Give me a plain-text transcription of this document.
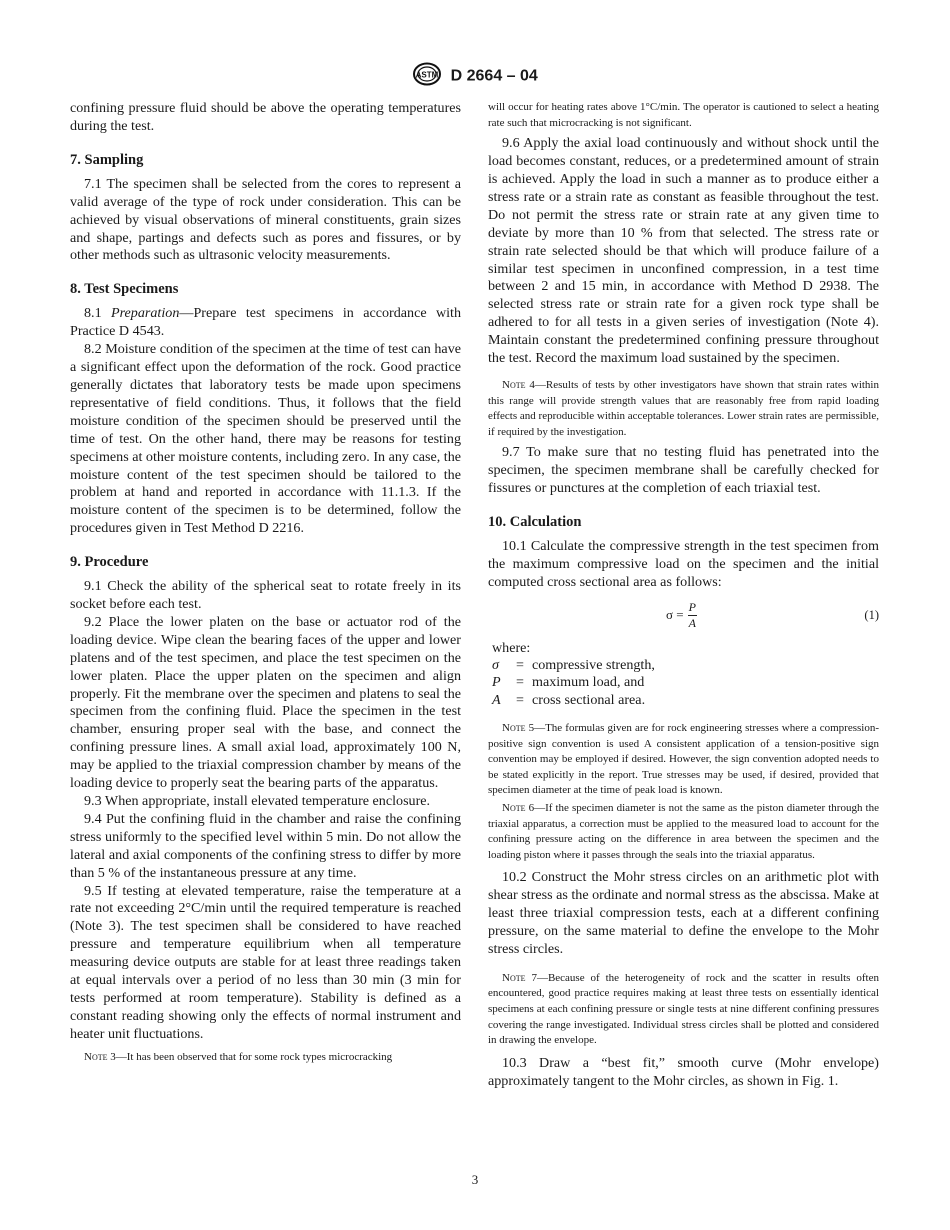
ASTM D 2664 – 04

confining pressure fluid should be above the operating temperatures during the test.

7. Sampling

7.1 The specimen shall be selected from the cores to represent a valid average of the type of rock under consideration. This can be achieved by visual observations of mineral constituents, grain sizes and shape, partings and defects such as pores and fissures, or by other methods such as ultrasonic velocity measurements.

8. Test Specimens

8.1 Preparation—Prepare test specimens in accordance with Practice D 4543.

8.2 Moisture condition of the specimen at the time of test can have a significant effect upon the deformation of the rock. Good practice generally dictates that laboratory tests be made upon specimens representative of field conditions. Thus, it follows that the field moisture condition of the specimen should be preserved until the time of test. On the other hand, there may be reasons for testing specimens at other moisture contents, including zero. In any case, the moisture content of the test specimen should be tailored to the problem at hand and reported in accordance with 11.1.3. If the moisture content of the specimen is to be determined, follow the procedures given in Test Method D 2216.

9. Procedure

9.1 Check the ability of the spherical seat to rotate freely in its socket before each test.

9.2 Place the lower platen on the base or actuator rod of the loading device. Wipe clean the bearing faces of the upper and lower platens and of the test specimen, and place the test specimen on the lower platen. Place the upper platen on the specimen and align properly. Fit the membrane over the specimen and platens to seal the specimen from the confining fluid. Place the specimen in the test chamber, ensuring proper seal with the base, and connect the confining pressure lines. A small axial load, approximately 100 N, may be applied to the triaxial compression chamber by means of the loading device to properly seat the bearing parts of the apparatus.

9.3 When appropriate, install elevated temperature enclosure.

9.4 Put the confining fluid in the chamber and raise the confining stress uniformly to the specified level within 5 min. Do not allow the lateral and axial components of the confining stress to differ by more than 5 % of the instantaneous pressure at any time.

9.5 If testing at elevated temperature, raise the temperature at a rate not exceeding 2°C/min until the required temperature is reached (Note 3). The test specimen shall be considered to have reached pressure and temperature equilibrium when all temperature measuring device outputs are stable for at least three readings taken at equal intervals over a period of no less than 30 min (3 min for tests performed at room temperature). Stability is defined as a constant reading showing only the effects of normal instrument and heater unit fluctuations.

Note 3—It has been observed that for some rock types microcracking

will occur for heating rates above 1°C/min. The operator is cautioned to select a heating rate such that microcracking is not significant.

9.6 Apply the axial load continuously and without shock until the load becomes constant, reduces, or a predetermined amount of strain is achieved. Apply the load in such a manner as to produce either a stress rate or a strain rate as constant as feasible throughout the test. Do not permit the stress rate or strain rate at any given time to deviate by more than 10 % from that selected. The stress rate or strain rate selected should be that which will produce failure of a similar test specimen in unconfined compression, in a test time between 2 and 15 min, in accordance with Method D 2938. The selected stress rate or strain rate for a given rock type shall be adhered to for all tests in a given series of investigation (Note 4). Maintain constant the predetermined confining pressure throughout the test. Record the maximum load sustained by the specimen.

Note 4—Results of tests by other investigators have shown that strain rates within this range will provide strength values that are reasonably free from rapid loading effects and reproducible within acceptable tolerances. Lower strain rates are permissible, if required by the investigation.

9.7 To make sure that no testing fluid has penetrated into the specimen, the specimen membrane shall be carefully checked for fissures or punctures at the completion of each triaxial test.

10. Calculation

10.1 Calculate the compressive strength in the test specimen from the maximum compressive load on the specimen and the initial computed cross sectional area as follows:

$\sigma = \frac{P}{A}$	(1)
where:
σ	= compressive strength,
P	= maximum load, and
A	= cross sectional area.

Note 5—The formulas given are for rock engineering stresses where a compression-positive sign convention is used A consistent application of a tension-positive sign convention may be employed if desired. However, the sign convention adopted needs to be stated explicitly in the report. True stresses may be used, if desired, provided that specimen diameter at the time of peak load is known.

Note 6—If the specimen diameter is not the same as the piston diameter through the triaxial apparatus, a correction must be applied to the measured load to account for the confining pressure acting on the difference in area between the specimen and the loading piston where it passes through the seals into the triaxial apparatus.

10.2 Construct the Mohr stress circles on an arithmetic plot with shear stress as the ordinate and normal stress as the abscissa. Make at least three triaxial compression tests, each at a different confining pressure, on the same material to define the envelope to the Mohr stress circles.

Note 7—Because of the heterogeneity of rock and the scatter in results often encountered, good practice requires making at least three tests on essentially identical specimens at each confining pressure or single tests at nine different confining pressures covering the range investigated. Individual stress circles shall be plotted and considered in drawing the envelope.

10.3 Draw a “best fit,” smooth curve (Mohr envelope) approximately tangent to the Mohr circles, as shown in Fig. 1.

3
